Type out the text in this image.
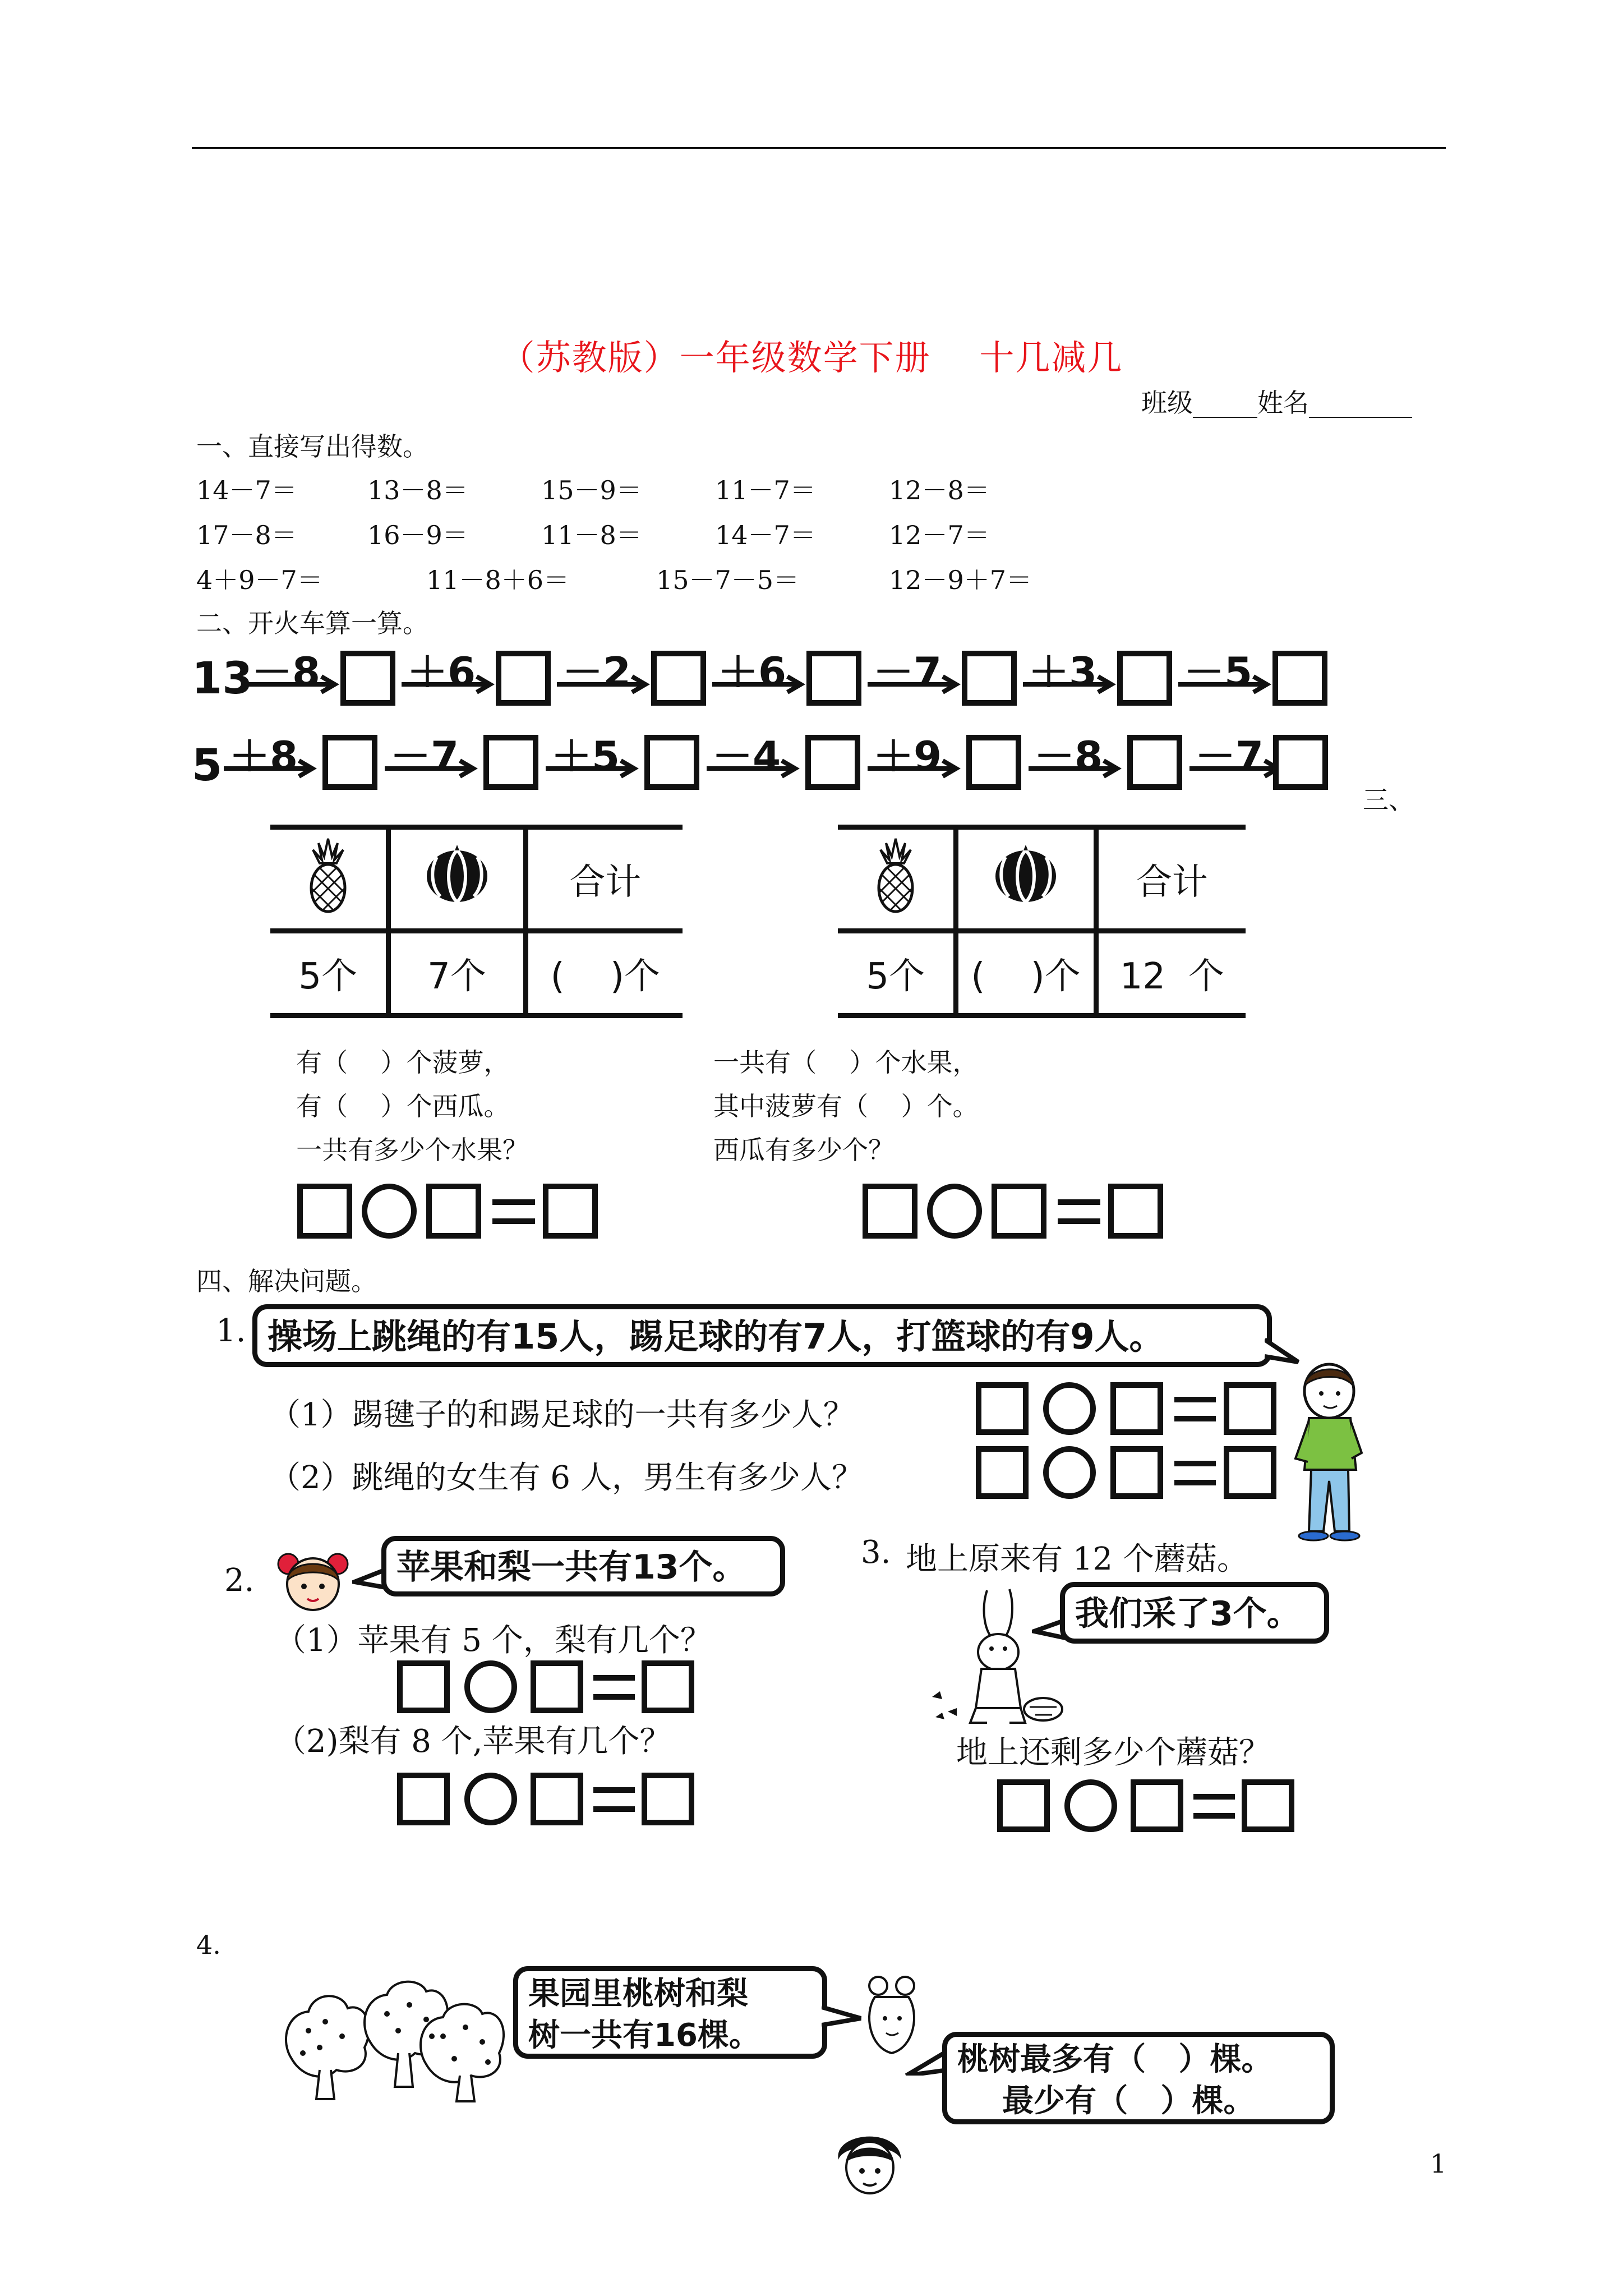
（苏教版）一年级数学下册    十几减几
班级_____姓名________
一、直接写出得数。
14－7＝	13－8＝	15－9＝	11－7＝	12－8＝
17－8＝	16－9＝	11－8＝	14－7＝	12－7＝
4＋9－7＝	11－8＋6＝	15－7－5＝	12－9＋7＝
二、开火车算一算。
13
－8 ＋6 －2 ＋6 －7 ＋3 －5
5 ＋8 －7 ＋5 －4 ＋9 －8 －7
三、
		合计
5个	7个	(    )个
		合计
5个	(    )个	12  个
有（    ）个菠萝，
有（    ）个西瓜。
一共有多少个水果？
一共有（    ）个水果，
其中菠萝有（    ）个。
西瓜有多少个？
四、解决问题。
1. 操场上跳绳的有15人，踢足球的有7人，打篮球的有9人。
（1）踢毽子的和踢足球的一共有多少人？
（2）跳绳的女生有 6 人，男生有多少人？
2.	苹果和梨一共有13个。
（1）苹果有 5 个，梨有几个？
（2)梨有 8 个,苹果有几个？
3. 地上原来有 12 个蘑菇。
我们采了3个。
地上还剩多少个蘑菇？
4.
果园里桃树和梨
树一共有16棵。
桃树最多有（   ）棵。
最少有（   ）棵。
1
